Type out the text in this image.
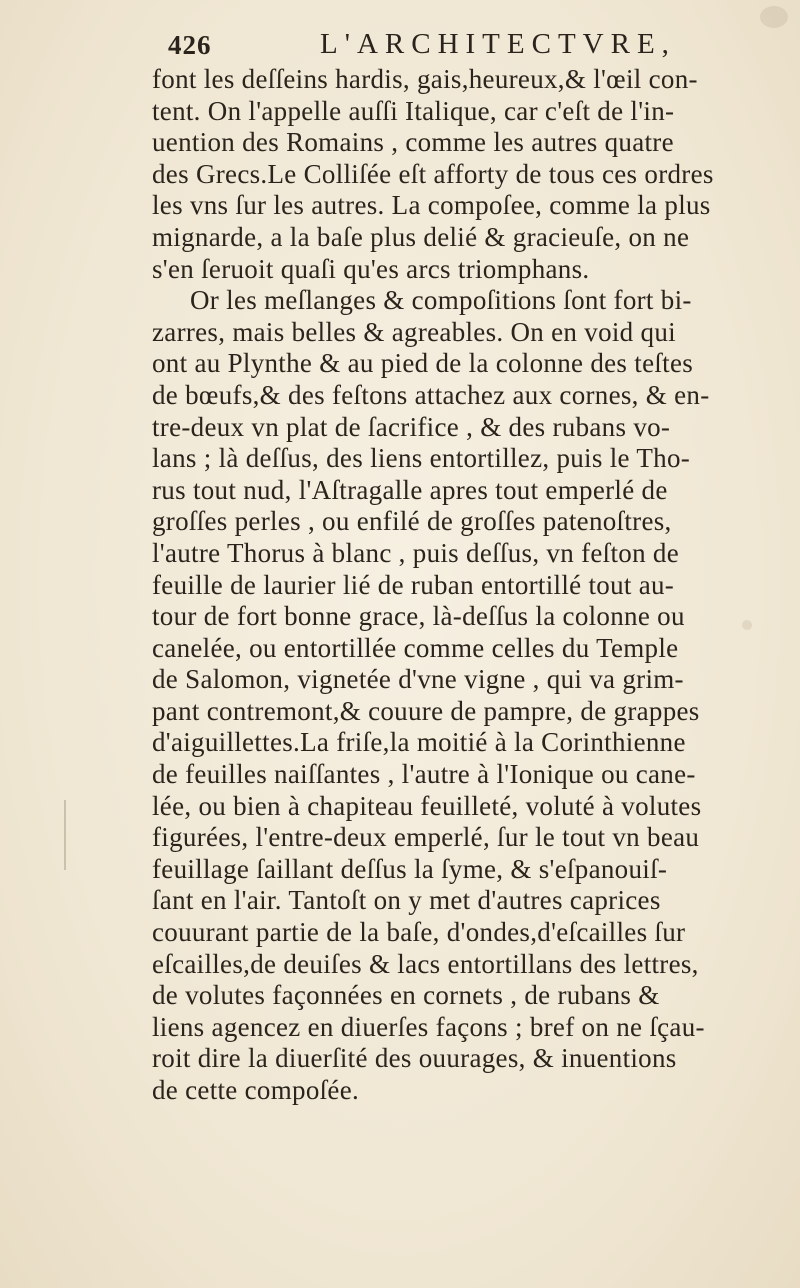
426	L'ARCHITECTVRE,
font les deſſeins hardis, gais,heureux,& l'œil con-
tent. On l'appelle auſſi Italique, car c'eſt de l'in-
uention des Romains , comme les autres quatre
des Grecs.Le Colliſée eſt afforty de tous ces ordres
les vns ſur les autres. La compoſee, comme la plus
mignarde, a la baſe plus delié & gracieuſe, on ne
s'en ſeruoit quaſi qu'es arcs triomphans.
Or les meſlanges & compoſitions ſont fort bi-
zarres, mais belles & agreables. On en void qui
ont au Plynthe & au pied de la colonne des teſtes
de bœufs,& des feſtons attachez aux cornes, & en-
tre-deux vn plat de ſacrifice , & des rubans vo-
lans ; là deſſus, des liens entortillez, puis le Tho-
rus tout nud, l'Aſtragalle apres tout emperlé de
groſſes perles , ou enfilé de groſſes patenoſtres,
l'autre Thorus à blanc , puis deſſus, vn feſton de
feuille de laurier lié de ruban entortillé tout au-
tour de fort bonne grace, là-deſſus la colonne ou
canelée, ou entortillée comme celles du Temple
de Salomon, vignetée d'vne vigne , qui va grim-
pant contremont,& couure de pampre, de grappes
d'aiguillettes.La friſe,la moitié à la Corinthienne
de feuilles naiſſantes , l'autre à l'Ionique ou cane-
lée, ou bien à chapiteau feuilleté, voluté à volutes
figurées, l'entre-deux emperlé, ſur le tout vn beau
feuillage ſaillant deſſus la ſyme, & s'eſpanouiſ-
ſant en l'air. Tantoſt on y met d'autres caprices
couurant partie de la baſe, d'ondes,d'eſcailles ſur
eſcailles,de deuiſes & lacs entortillans des lettres,
de volutes façonnées en cornets , de rubans &
liens agencez en diuerſes façons ; bref on ne ſçau-
roit dire la diuerſité des ouurages, & inuentions
de cette compoſée.
